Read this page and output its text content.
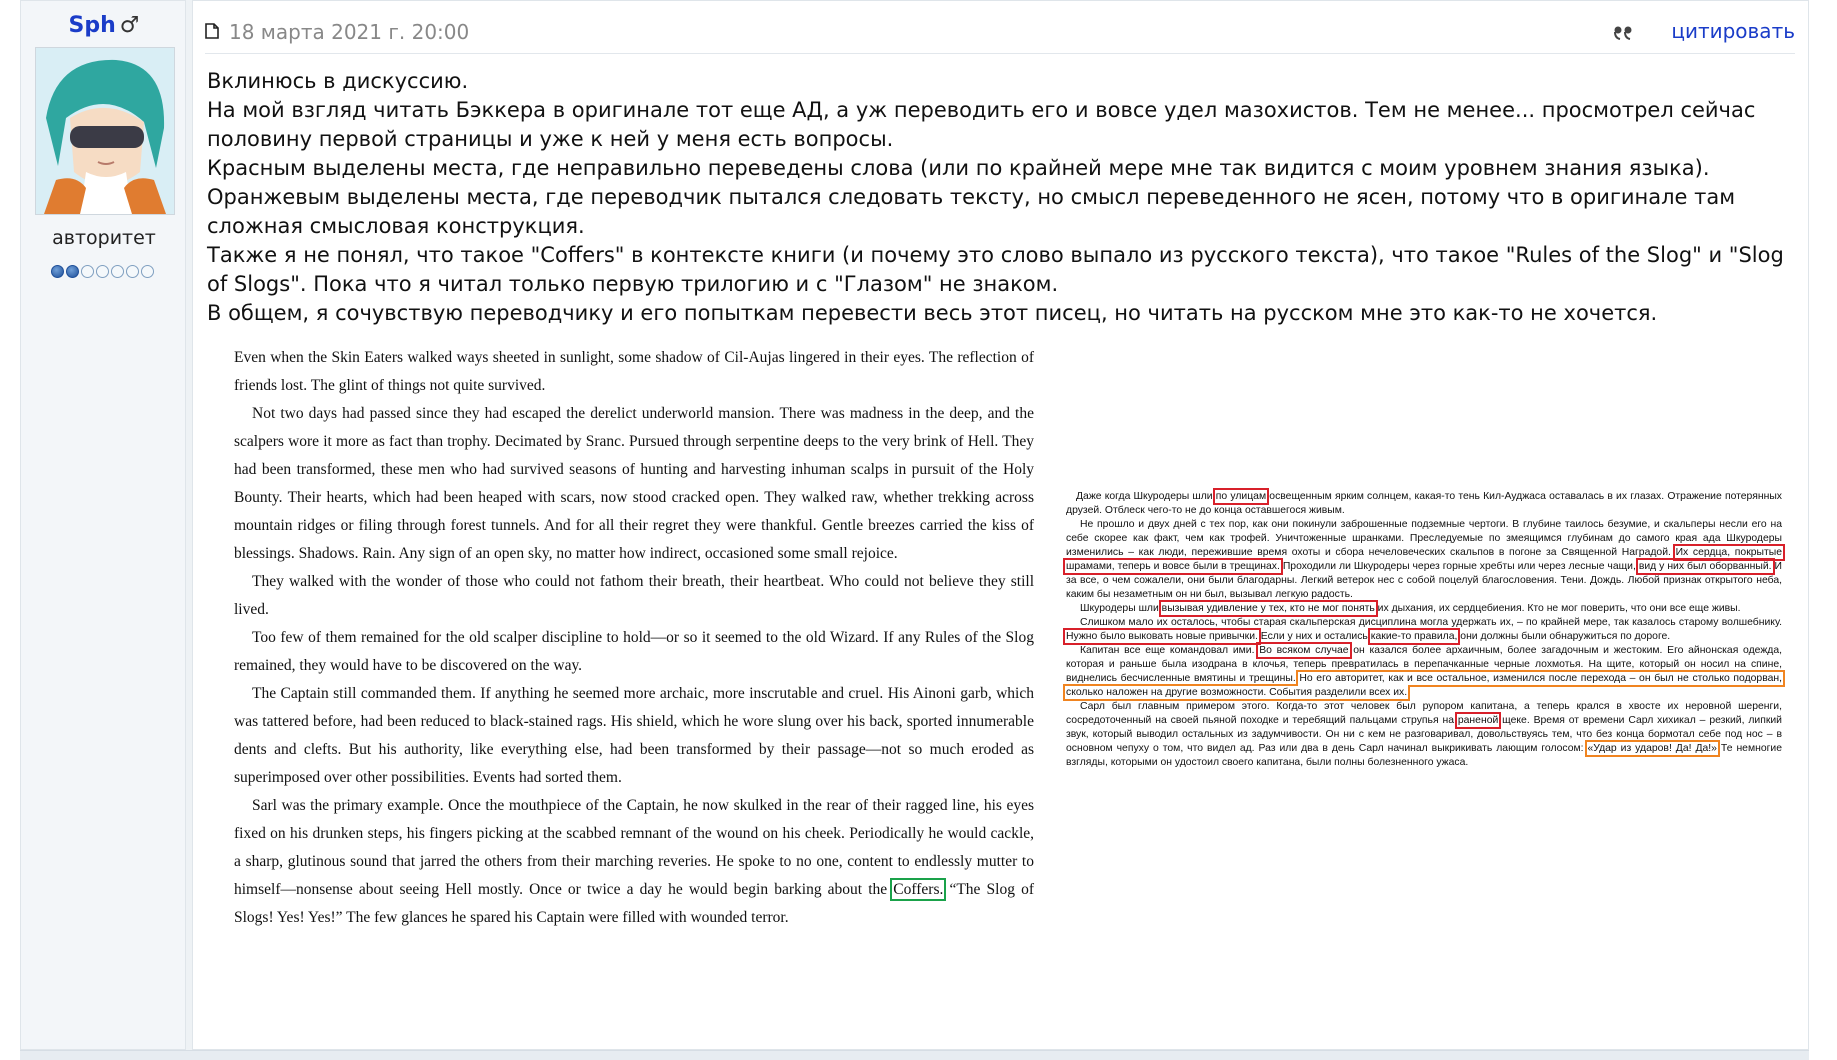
Sph ♂
авторитет
18 марта 2021 г. 20:00	цитировать

Вклинюсь в дискуссию.

На мой взгляд читать Бэккера в оригинале тот еще АД, а уж переводить его и вовсе удел мазохистов. Тем не менее... просмотрел сейчас половину первой страницы и уже к ней у меня есть вопросы.

Красным выделены места, где неправильно переведены слова (или по крайней мере мне так видится с моим уровнем знания языка).

Оранжевым выделены места, где переводчик пытался следовать тексту, но смысл переведенного не ясен, потому что в оригинале там сложная смысловая конструкция.

Также я не понял, что такое "Coffers" в контексте книги (и почему это слово выпало из русского текста), что такое "Rules of the Slog" и "Slog of Slogs". Пока что я читал только первую трилогию и с "Глазом" не знаком.

В общем, я сочувствую переводчику и его попыткам перевести весь этот писец, но читать на русском мне это как-то не хочется.

Even when the Skin Eaters walked ways sheeted in sunlight, some shadow of Cil-Aujas lingered in their eyes. The reflection of friends lost. The glint of things not quite survived.

Not two days had passed since they had escaped the derelict underworld mansion. There was madness in the deep, and the scalpers wore it more as fact than trophy. Decimated by Sranc. Pursued through serpentine deeps to the very brink of Hell. They had been transformed, these men who had survived seasons of hunting and harvesting inhuman scalps in pursuit of the Holy Bounty. Their hearts, which had been heaped with scars, now stood cracked open. They walked raw, whether trekking across mountain ridges or filing through forest tunnels. And for all their regret they were thankful. Gentle breezes carried the kiss of blessings. Shadows. Rain. Any sign of an open sky, no matter how indirect, occasioned some small rejoice.

They walked with the wonder of those who could not fathom their breath, their heartbeat. Who could not believe they still lived.

Too few of them remained for the old scalper discipline to hold—or so it seemed to the old Wizard. If any Rules of the Slog remained, they would have to be discovered on the way.

The Captain still commanded them. If anything he seemed more archaic, more inscrutable and cruel. His Ainoni garb, which was tattered before, had been reduced to black-stained rags. His shield, which he wore slung over his back, sported innumerable dents and clefts. But his authority, like everything else, had been transformed by their passage—not so much eroded as superimposed over other possibilities. Events had sorted them.

Sarl was the primary example. Once the mouthpiece of the Captain, he now skulked in the rear of their ragged line, his eyes fixed on his drunken steps, his fingers picking at the scabbed remnant of the wound on his cheek. Periodically he would cackle, a sharp, glutinous sound that jarred the others from their marching reveries. He spoke to no one, content to endlessly mutter to himself—nonsense about seeing Hell mostly. Once or twice a day he would begin barking about the Coffers. “The Slog of Slogs! Yes! Yes!” The few glances he spared his Captain were filled with wounded terror.

Даже когда Шкуродеры шли по улицам освещенным ярким солнцем, какая-то тень Кил-Ауджаса оставалась в их глазах. Отражение потерянных друзей. Отблеск чего-то не до конца оставшегося живым.

Не прошло и двух дней с тех пор, как они покинули заброшенные подземные чертоги. В глубине таилось безумие, и скальперы несли его на себе скорее как факт, чем как трофей. Уничтоженные шранками. Преследуемые по змеящимся глубинам до самого края ада Шкуродеры изменились – как люди, пережившие время охоты и сбора нечеловеческих скальпов в погоне за Священной Наградой. Их сердца, покрытые шрамами, теперь и вовсе были в трещинах. Проходили ли Шкуродеры через горные хребты или через лесные чащи, вид у них был оборванный. И за все, о чем сожалели, они были благодарны. Легкий ветерок нес с собой поцелуй благословения. Тени. Дождь. Любой признак открытого неба, каким бы незаметным он ни был, вызывал легкую радость.

Шкуродеры шли вызывая удивление у тех, кто не мог понять их дыхания, их сердцебиения. Кто не мог поверить, что они все еще живы.

Слишком мало их осталось, чтобы старая скальперская дисциплина могла удержать их, – по крайней мере, так казалось старому волшебнику. Нужно было выковать новые привычки. Если у них и остались какие-то правила, они должны были обнаружиться по дороге.

Капитан все еще командовал ими. Во всяком случае он казался более архаичным, более загадочным и жестоким. Его айнонская одежда, которая и раньше была изодрана в клочья, теперь превратилась в перепачканные черные лохмотья. На щите, который он носил на спине, виднелись бесчисленные вмятины и трещины. Но его авторитет, как и все остальное, изменился после перехода – он был не столько подорван, сколько наложен на другие возможности. События разделили всех их.

Сарл был главным примером этого. Когда-то этот человек был рупором капитана, а теперь крался в хвосте их неровной шеренги, сосредоточенный на своей пьяной походке и теребящий пальцами струпья на раненой щеке. Время от времени Сарл хихикал – резкий, липкий звук, который выводил остальных из задумчивости. Он ни с кем не разговаривал, довольствуясь тем, что без конца бормотал себе под нос – в основном чепуху о том, что видел ад. Раз или два в день Сарл начинал выкрикивать лающим голосом: «Удар из ударов! Да! Да!» Те немногие взгляды, которыми он удостоил своего капитана, были полны болезненного ужаса.
